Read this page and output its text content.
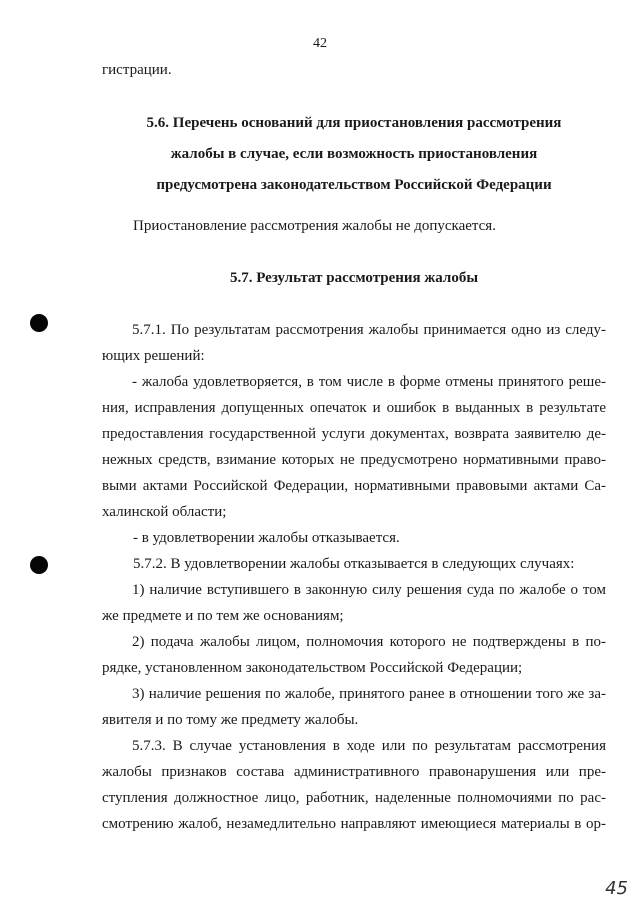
42
гистрации.
5.6. Перечень оснований для приостановления рассмотрения
жалобы в случае, если возможность приостановления
предусмотрена законодательством Российской Федерации
Приостановление рассмотрения жалобы не допускается.
5.7. Результат рассмотрения жалобы
5.7.1. По результатам рассмотрения жалобы принимается одно из следу-
ющих решений:
- жалоба удовлетворяется, в том числе в форме отмены принятого реше-
ния, исправления допущенных опечаток и ошибок в выданных в результате
предоставления государственной услуги документах, возврата заявителю де-
нежных средств, взимание которых не предусмотрено нормативными право-
выми актами Российской Федерации, нормативными правовыми актами Са-
халинской области;
- в удовлетворении жалобы отказывается.
5.7.2. В удовлетворении жалобы отказывается в следующих случаях:
1) наличие вступившего в законную силу решения суда по жалобе о том
же предмете и по тем же основаниям;
2) подача жалобы лицом, полномочия которого не подтверждены в по-
рядке, установленном законодательством Российской Федерации;
3) наличие решения по жалобе, принятого ранее в отношении того же за-
явителя и по тому же предмету жалобы.
5.7.3. В случае установления в ходе или по результатам рассмотрения
жалобы признаков состава административного правонарушения или пре-
ступления должностное лицо, работник, наделенные полномочиями по рас-
смотрению жалоб, незамедлительно направляют имеющиеся материалы в ор-
45
